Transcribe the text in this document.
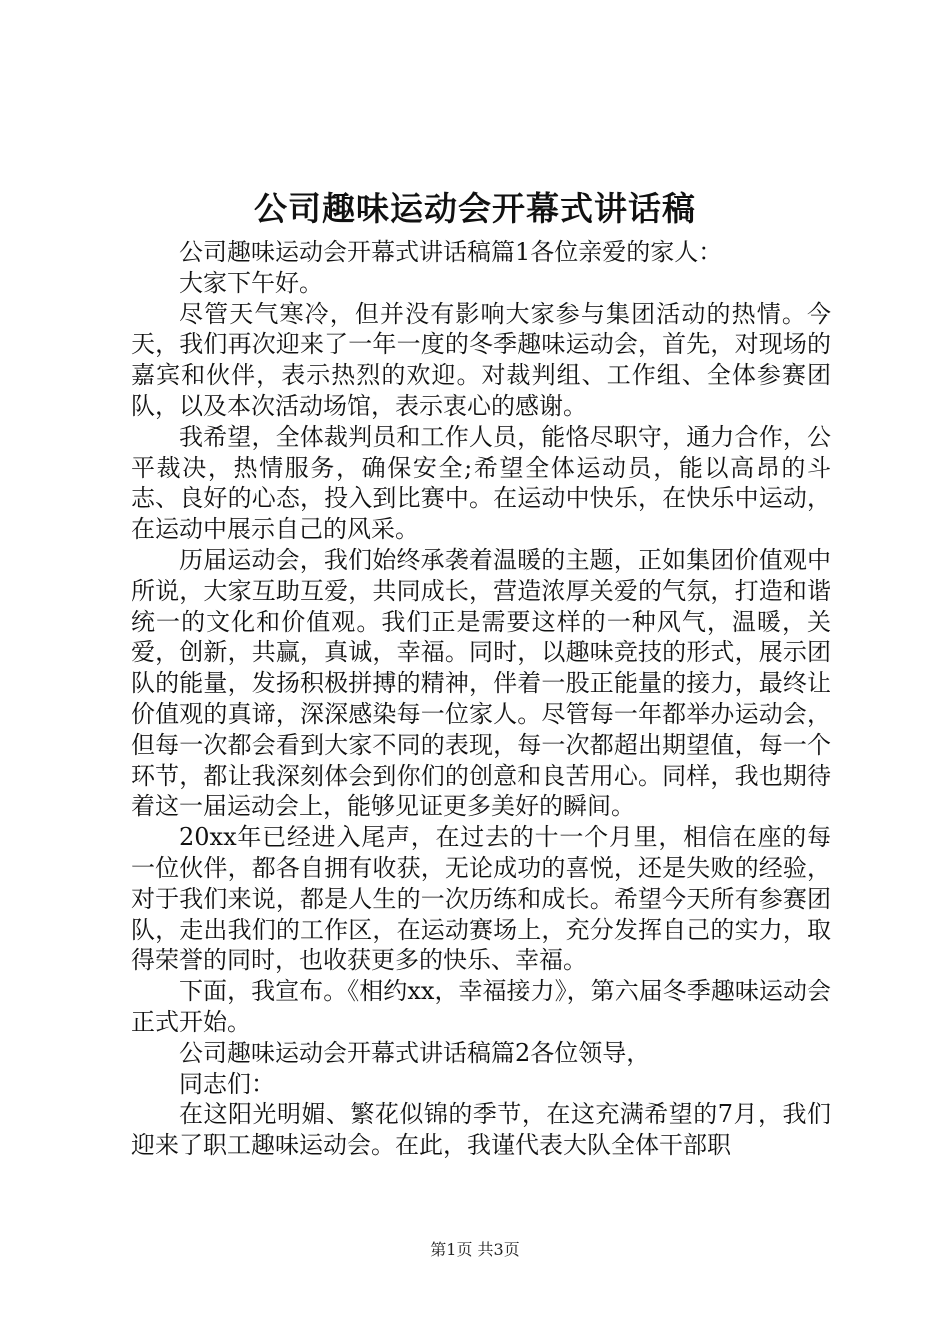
公司趣味运动会开幕式讲话稿

公司趣味运动会开幕式讲话稿篇1各位亲爱的家人：

大家下午好。

尽管天气寒冷，但并没有影响大家参与集团活动的热情。今天，我们再次迎来了一年一度的冬季趣味运动会，首先，对现场的嘉宾和伙伴，表示热烈的欢迎。对裁判组、工作组、全体参赛团队，以及本次活动场馆，表示衷心的感谢。

我希望，全体裁判员和工作人员，能恪尽职守，通力合作，公平裁决，热情服务，确保安全;希望全体运动员，能以高昂的斗志、良好的心态，投入到比赛中。在运动中快乐，在快乐中运动，在运动中展示自己的风采。

历届运动会，我们始终承袭着温暖的主题，正如集团价值观中所说，大家互助互爱，共同成长，营造浓厚关爱的气氛，打造和谐统一的文化和价值观。我们正是需要这样的一种风气，温暖，关爱，创新，共赢，真诚，幸福。同时，以趣味竞技的形式，展示团队的能量，发扬积极拼搏的精神，伴着一股正能量的接力，最终让价值观的真谛，深深感染每一位家人。尽管每一年都举办运动会，但每一次都会看到大家不同的表现，每一次都超出期望值，每一个环节，都让我深刻体会到你们的创意和良苦用心。同样，我也期待着这一届运动会上，能够见证更多美好的瞬间。

20xx年已经进入尾声，在过去的十一个月里，相信在座的每一位伙伴，都各自拥有收获，无论成功的喜悦，还是失败的经验，对于我们来说，都是人生的一次历练和成长。希望今天所有参赛团队，走出我们的工作区，在运动赛场上，充分发挥自己的实力，取得荣誉的同时，也收获更多的快乐、幸福。

下面，我宣布。《相约xx，幸福接力》，第六届冬季趣味运动会正式开始。

公司趣味运动会开幕式讲话稿篇2各位领导，

同志们：

在这阳光明媚、繁花似锦的季节，在这充满希望的7月，我们迎来了职工趣味运动会。在此，我谨代表大队全体干部职

第1页 共3页
